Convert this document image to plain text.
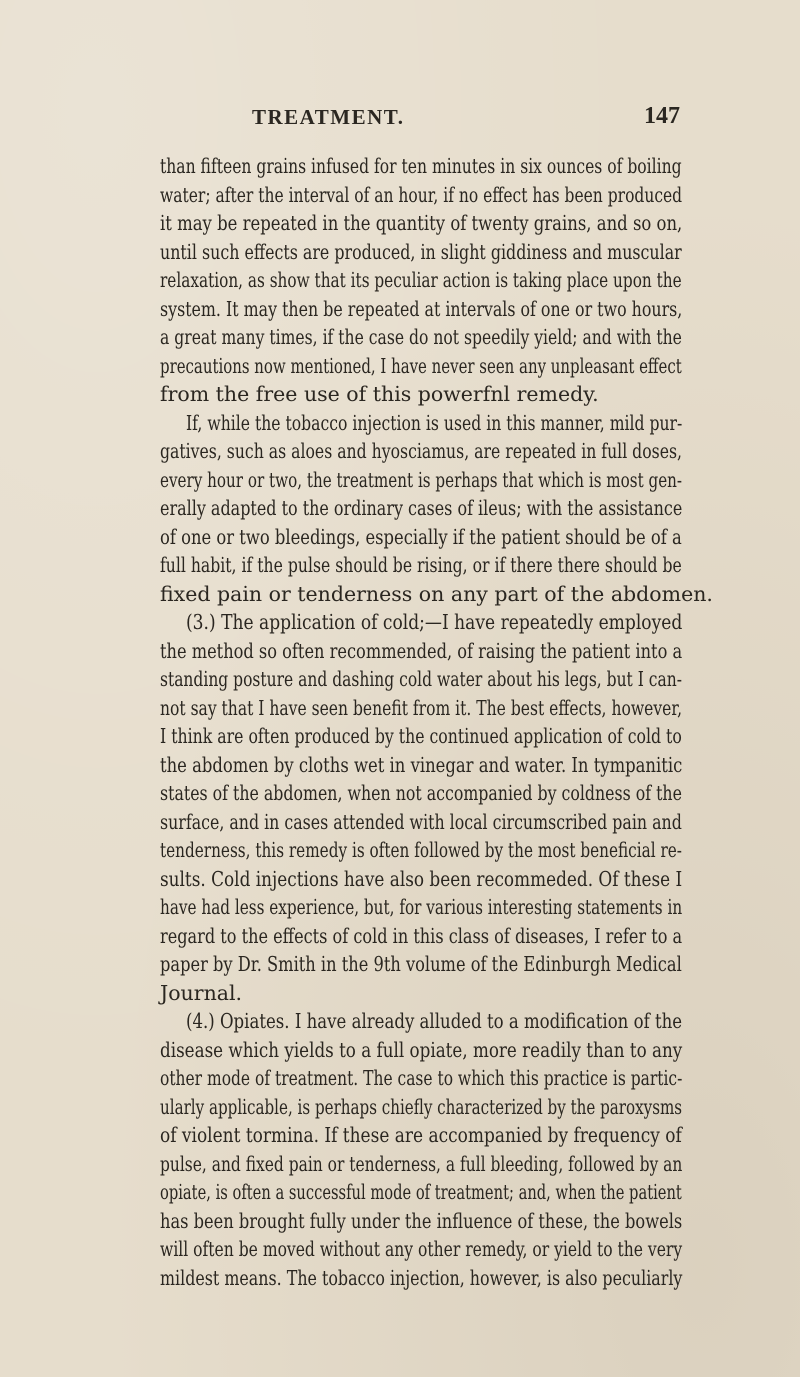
TREATMENT.	147
than fifteen grains infused for ten minutes in six ounces of boiling
water; after the interval of an hour, if no effect has been produced
it may be repeated in the quantity of twenty grains, and so on,
until such effects are produced, in slight giddiness and muscular
relaxation, as show that its peculiar action is taking place upon the
system. It may then be repeated at intervals of one or two hours,
a great many times, if the case do not speedily yield; and with the
precautions now mentioned, I have never seen any unpleasant effect
from the free use of this powerfnl remedy.
If, while the tobacco injection is used in this manner, mild pur-
gatives, such as aloes and hyosciamus, are repeated in full doses,
every hour or two, the treatment is perhaps that which is most gen-
erally adapted to the ordinary cases of ileus; with the assistance
of one or two bleedings, especially if the patient should be of a
full habit, if the pulse should be rising, or if there there should be
fixed pain or tenderness on any part of the abdomen.
(3.) The application of cold;—I have repeatedly employed
the method so often recommended, of raising the patient into a
standing posture and dashing cold water about his legs, but I can-
not say that I have seen benefit from it. The best effects, however,
I think are often produced by the continued application of cold to
the abdomen by cloths wet in vinegar and water. In tympanitic
states of the abdomen, when not accompanied by coldness of the
surface, and in cases attended with local circumscribed pain and
tenderness, this remedy is often followed by the most beneficial re-
sults. Cold injections have also been recommeded. Of these I
have had less experience, but, for various interesting statements in
regard to the effects of cold in this class of diseases, I refer to a
paper by Dr. Smith in the 9th volume of the Edinburgh Medical
Journal.
(4.) Opiates. I have already alluded to a modification of the
disease which yields to a full opiate, more readily than to any
other mode of treatment. The case to which this practice is partic-
ularly applicable, is perhaps chiefly characterized by the paroxysms
of violent tormina. If these are accompanied by frequency of
pulse, and fixed pain or tenderness, a full bleeding, followed by an
opiate, is often a successful mode of treatment; and, when the patient
has been brought fully under the influence of these, the bowels
will often be moved without any other remedy, or yield to the very
mildest means. The tobacco injection, however, is also peculiarly
